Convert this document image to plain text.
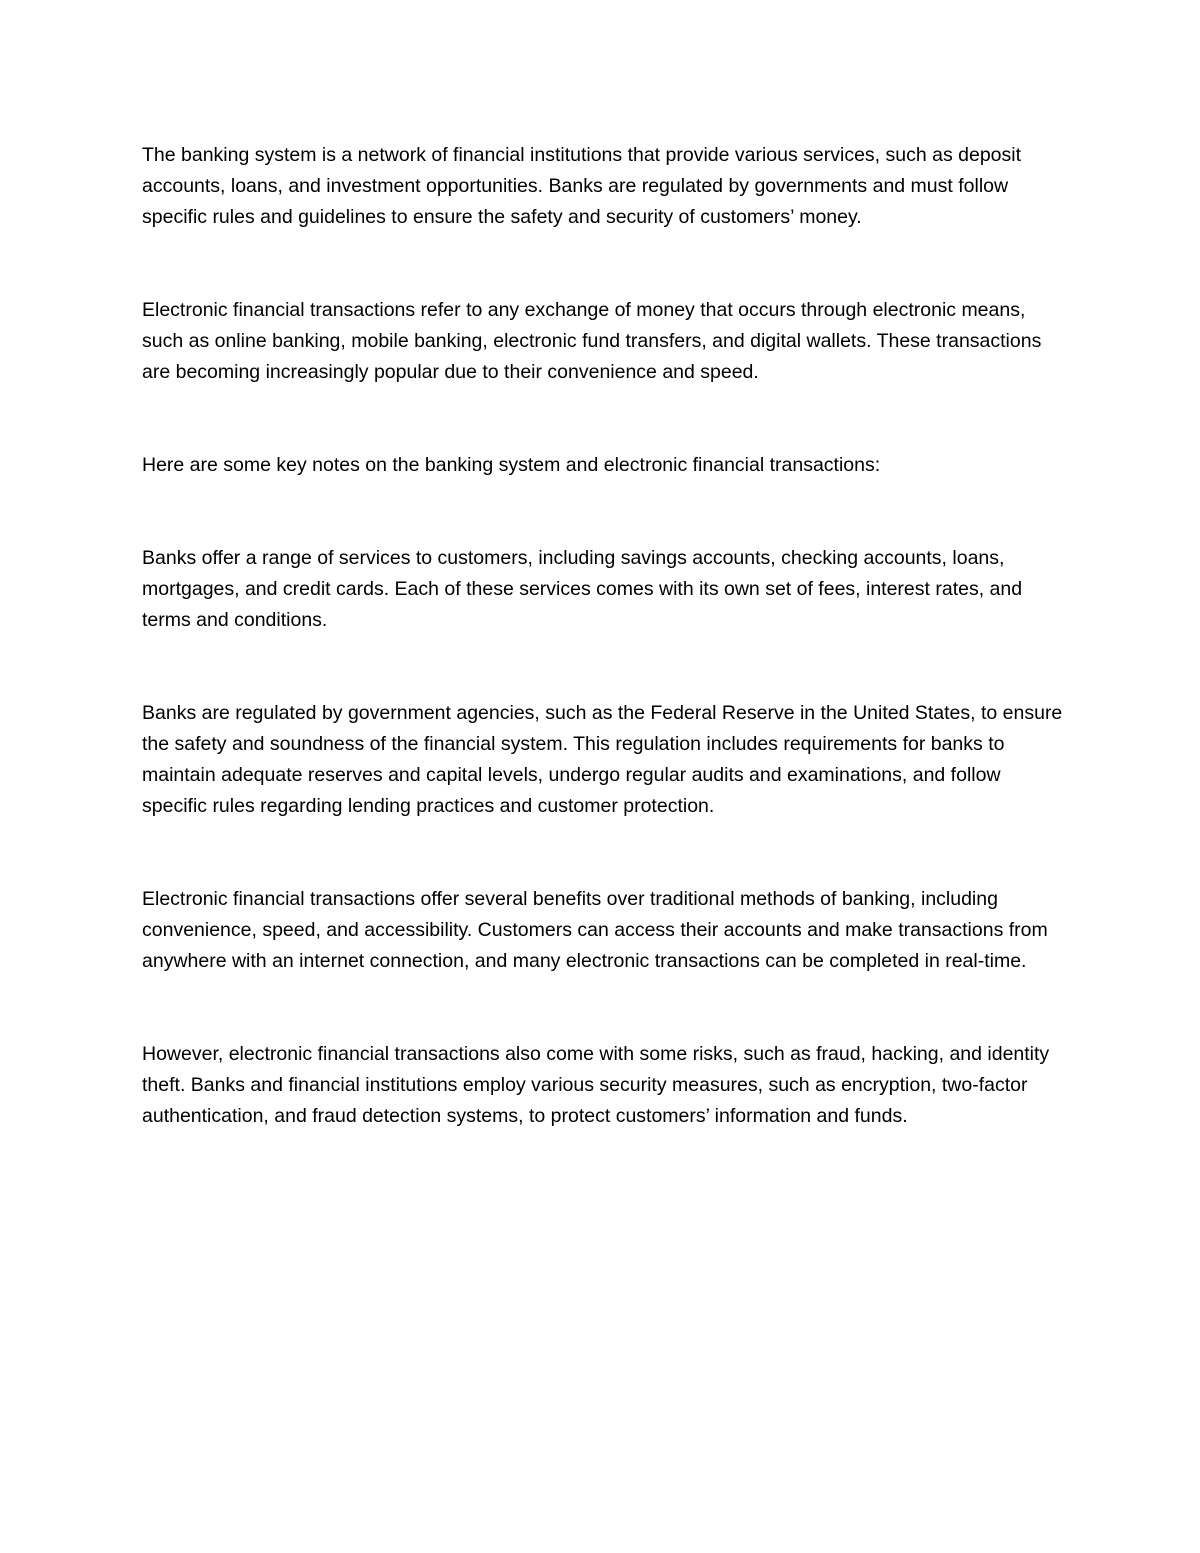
The banking system is a network of financial institutions that provide various services, such as deposit accounts, loans, and investment opportunities. Banks are regulated by governments and must follow specific rules and guidelines to ensure the safety and security of customers’ money.

Electronic financial transactions refer to any exchange of money that occurs through electronic means, such as online banking, mobile banking, electronic fund transfers, and digital wallets. These transactions are becoming increasingly popular due to their convenience and speed.

Here are some key notes on the banking system and electronic financial transactions:

Banks offer a range of services to customers, including savings accounts, checking accounts, loans, mortgages, and credit cards. Each of these services comes with its own set of fees, interest rates, and terms and conditions.

Banks are regulated by government agencies, such as the Federal Reserve in the United States, to ensure the safety and soundness of the financial system. This regulation includes requirements for banks to maintain adequate reserves and capital levels, undergo regular audits and examinations, and follow specific rules regarding lending practices and customer protection.

Electronic financial transactions offer several benefits over traditional methods of banking, including convenience, speed, and accessibility. Customers can access their accounts and make transactions from anywhere with an internet connection, and many electronic transactions can be completed in real-time.

However, electronic financial transactions also come with some risks, such as fraud, hacking, and identity theft. Banks and financial institutions employ various security measures, such as encryption, two-factor authentication, and fraud detection systems, to protect customers’ information and funds.
